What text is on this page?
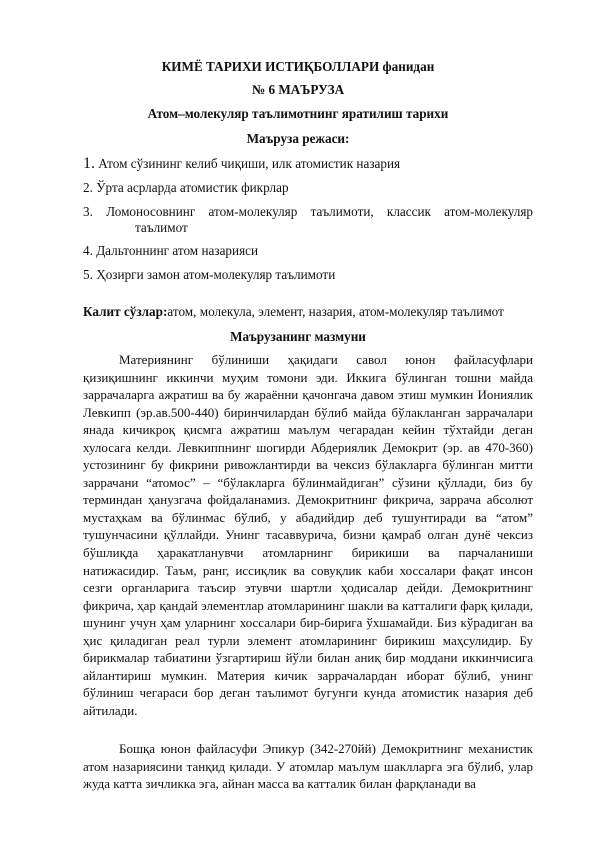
КИМЁ ТАРИХИ ИСТИҚБОЛЛАРИ фанидан
№ 6 МАЪРУЗА
Атом–молекуляр таълимотнинг яратилиш тарихи
Маъруза режаси:
1. Атом сўзининг келиб чиқиши, илк атомистик назария
2. Ўрта асрларда атомистик фикрлар
3. Ломоносовнинг атом-молекуляр таълимоти, классик атом-молекуляр
таълимот
4. Дальтоннинг атом назарияси
5. Ҳозирги замон атом-молекуляр таълимоти
Калит сўзлар:атом, молекула, элемент, назария, атом-молекуляр таълимот
Маърузанинг мазмуни
Материянинг бўлиниши ҳақидаги савол юнон файласуфлари қизиқишнинг иккинчи муҳим томони эди. Иккига бўлинган тошни майда заррачаларга ажратиш ва бу жараённи қачонгача давом этиш мумкин Иониялик Левкипп (эр.ав.500-440) биринчилардан бўлиб майда бўлакланган заррачалари янада кичикроқ қисмга ажратиш маълум чегарадан кейин тўхтайди деган хулосага келди. Левкиппнинг шогирди Абдериялик Демокрит (эр. ав 470-360) устозининг бу фикрини ривожлантирди ва чексиз бўлакларга бўлинган митти заррачани “атомос” – “бўлакларга бўлинмайдиган” сўзини қўллади, биз бу терминдан ҳанузгача фойдаланамиз. Демокритнинг фикрича, заррача абсолют мустаҳкам ва бўлинмас бўлиб, у абадийдир деб тушунтиради ва “атом” тушунчасини қўллайди. Унинг тасаввурича, бизни қамраб олган дунё чексиз бўшлиқда ҳаракатланувчи атомларнинг бирикиши ва парчаланиши натижасидир. Таъм, ранг, иссиқлик ва совуқлик каби хоссалари фақат инсон сезги органларига таъсир этувчи шартли ҳодисалар дейди. Демокритнинг фикрича, ҳар қандай элементлар атомларининг шакли ва катталиги фарқ қилади, шунинг учун ҳам уларнинг хоссалари бир-бирига ўхшамайди. Биз кўрадиган ва ҳис қиладиган реал турли элемент атомларининг бирикиш маҳсулидир. Бу бирикмалар табиатини ўзгартириш йўли билан аниқ бир моддани иккинчисига айлантириш мумкин. Материя кичик заррачалардан иборат бўлиб, унинг бўлиниш чегараси бор деган таълимот бугунги кунда атомистик назария деб айтилади.
Бошқа юнон файласуфи Эпикур (342-270йй) Демокритнинг механистик атом назариясини танқид қилади. У атомлар маълум шаклларга эга бўлиб, улар жуда катта зичликка эга, айнан масса ва катталик билан фарқланади ва
